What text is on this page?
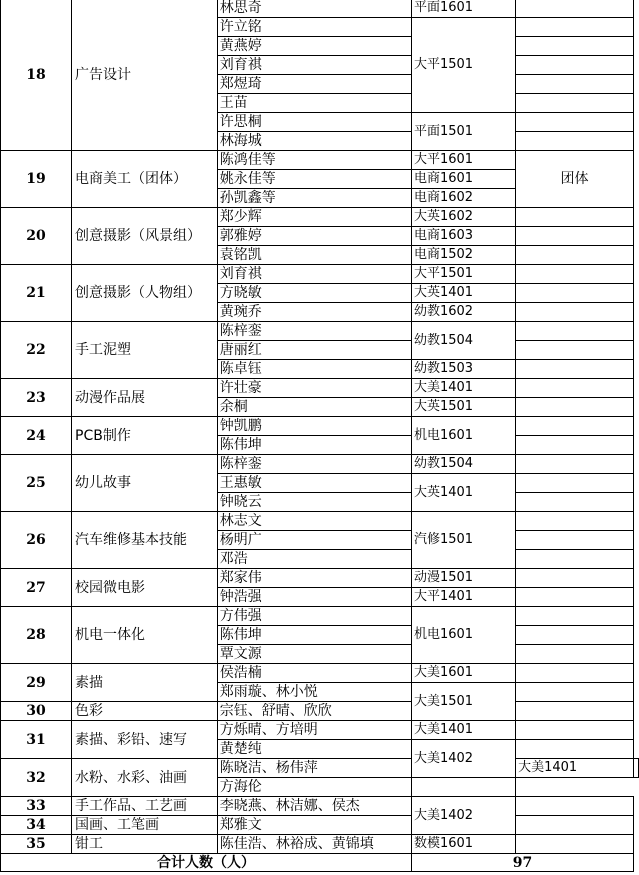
18	广告设计	林思奇	平面1601		
		许立铭	大平1501		
		黄燕婷			
		刘育祺			
		郑煜琦			
		王苗			
		许思桐	平面1501		
		林海城			
19	电商美工（团体）	陈鸿佳等	大平1601	团体	
		姚永佳等	电商1601		
		孙凯鑫等	电商1602		
20	创意摄影（风景组）	郑少辉	大英1602		
		郭雅婷	电商1603		
		袁铭凯	电商1502		
21	创意摄影（人物组）	刘育祺	大平1501		
		方晓敏	大英1401		
		黄琬乔	幼教1602		
22	手工泥塑	陈梓銮	幼教1504		
		唐丽红			
		陈卓钰	幼教1503		
23	动漫作品展	许壮豪	大美1401		
		余桐	大英1501		
24	PCB制作	钟凯鹏	机电1601		
		陈伟坤			
25	幼儿故事	陈梓銮	幼教1504		
		王惠敏	大英1401		
		钟晓云			
26	汽车维修基本技能	林志文	汽修1501		
		杨明广			
		邓浩			
27	校园微电影	郑家伟	动漫1501		
		钟浩强	大平1401		
28	机电一体化	方伟强	机电1601		
		陈伟坤			
		覃文源			
29	素描	侯浩楠	大美1601		
		郑雨璇、林小悦	大美1501		
30	色彩	宗钰、舒晴、欣欣			
31	素描、彩铅、速写	方烁晴、方培明	大美1401		
		黄楚纯	大美1402		
32	水粉、水彩、油画	陈晓洁、杨伟萍		大美1401	
		方海伦			
33	手工作品、工艺画	李晓燕、林洁娜、侯杰	大美1402		
34	国画、工笔画	郑雅文			
35	钳工	陈佳浩、林裕成、黄锦填	数模1601		
合计人数（人）			97		
